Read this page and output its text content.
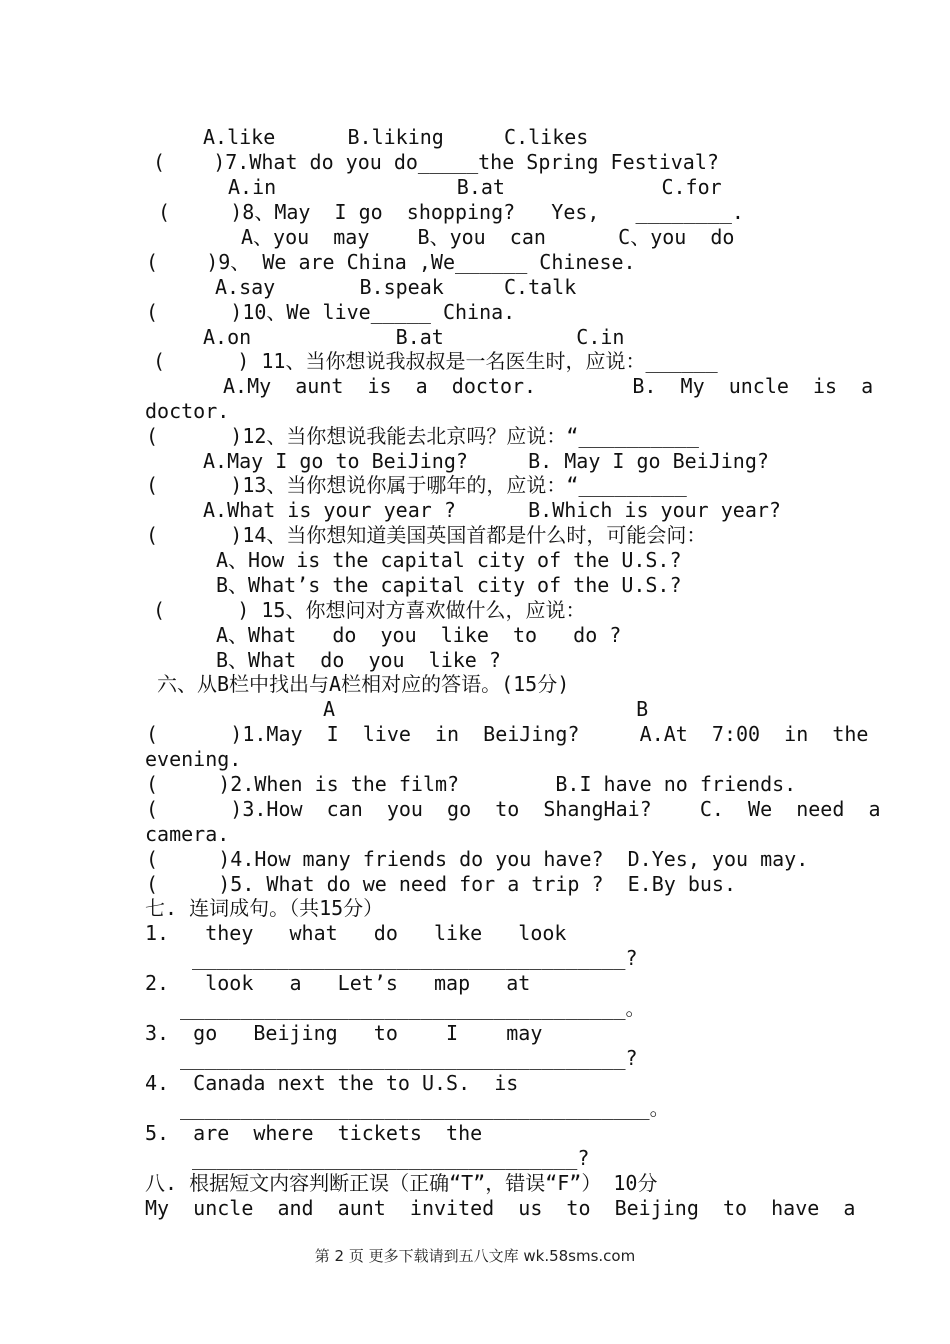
A.like      B.liking     C.likes
(    )7.What do you do_____the Spring Festival?
A.in               B.at             C.for
(     )8、May  I go  shopping?   Yes,   ________.
A、you  may    B、you  can      C、you  do
(    )9、 We are China ,We______ Chinese.
A.say       B.speak     C.talk
(      )10、We live_____ China.
A.on            B.at           C.in
(      ) 11、当你想说我叔叔是一名医生时，应说：______
A.My  aunt  is  a  doctor.        B.  My  uncle  is  a
doctor.
(      )12、当你想说我能去北京吗？应说：“__________
A.May I go to BeiJing?     B. May I go BeiJing?
(      )13、当你想说你属于哪年的，应说：“_________
A.What is your year ?      B.Which is your year?
(      )14、当你想知道美国英国首都是什么时，可能会问：
A、How is the capital city of the U.S.?
B、What’s the capital city of the U.S.?
(      ) 15、你想问对方喜欢做什么，应说：
A、What   do  you  like  to   do ?
B、What  do  you  like ?
六、从B栏中找出与A栏相对应的答语。(15分)
A                         B
(      )1.May  I  live  in  BeiJing?     A.At  7:00  in  the
evening.
(     )2.When is the film?        B.I have no friends.
(      )3.How  can  you  go  to  ShangHai?    C.  We  need  a
camera.
(     )4.How many friends do you have?  D.Yes, you may.
(     )5. What do we need for a trip ?  E.By bus.
七. 连词成句。（共15分）
1.   they   what   do   like   look
____________________________________?
2.   look   a   Let’s   map   at
_____________________________________。
3.  go   Beijing   to    I    may
_____________________________________?
4.  Canada next the to U.S.  is
_______________________________________。
5.  are  where  tickets  the
________________________________?
八. 根据短文内容判断正误（正确“T”，错误“F”） 10分
My  uncle  and  aunt  invited  us  to  Beijing  to  have  a
第 2 页 更多下载请到五八文库 wk.58sms.com
